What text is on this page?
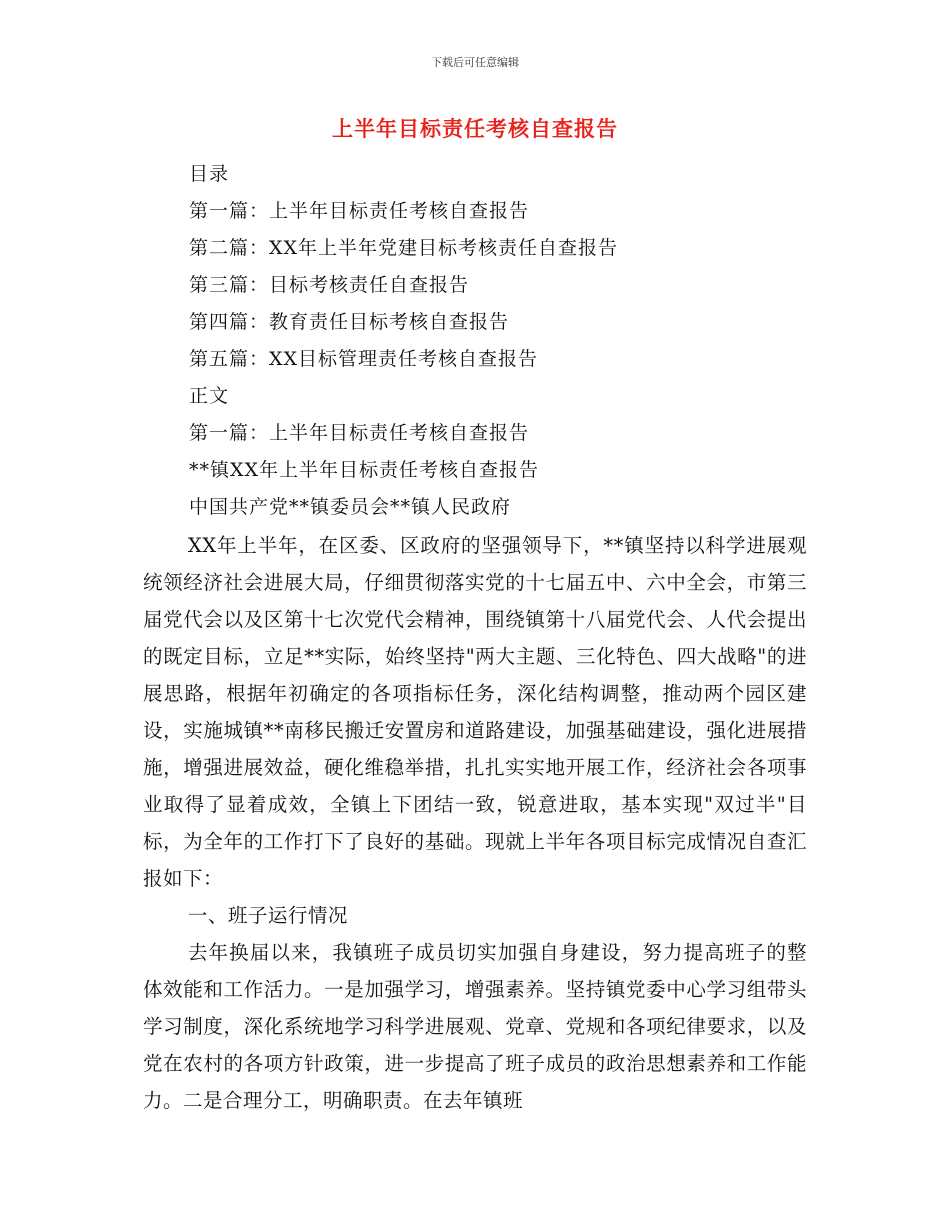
下载后可任意编辑
上半年目标责任考核自查报告
目录
第一篇：上半年目标责任考核自查报告
第二篇：XX年上半年党建目标考核责任自查报告
第三篇：目标考核责任自查报告
第四篇：教育责任目标考核自查报告
第五篇：XX目标管理责任考核自查报告
正文
第一篇：上半年目标责任考核自查报告
**镇XX年上半年目标责任考核自查报告
中国共产党**镇委员会**镇人民政府

XX年上半年，在区委、区政府的坚强领导下，**镇坚持以科学进展观统领经济社会进展大局，仔细贯彻落实党的十七届五中、六中全会，市第三届党代会以及区第十七次党代会精神，围绕镇第十八届党代会、人代会提出的既定目标，立足**实际，始终坚持"两大主题、三化特色、四大战略"的进展思路，根据年初确定的各项指标任务，深化结构调整，推动两个园区建设，实施城镇**南移民搬迁安置房和道路建设，加强基础建设，强化进展措施，增强进展效益，硬化维稳举措，扎扎实实地开展工作，经济社会各项事业取得了显着成效，全镇上下团结一致，锐意进取，基本实现"双过半"目标，为全年的工作打下了良好的基础。现就上半年各项目标完成情况自查汇报如下：

一、班子运行情况

去年换届以来，我镇班子成员切实加强自身建设，努力提高班子的整体效能和工作活力。一是加强学习，增强素养。坚持镇党委中心学习组带头学习制度，深化系统地学习科学进展观、党章、党规和各项纪律要求，以及党在农村的各项方针政策，进一步提高了班子成员的政治思想素养和工作能力。二是合理分工，明确职责。在去年镇班
